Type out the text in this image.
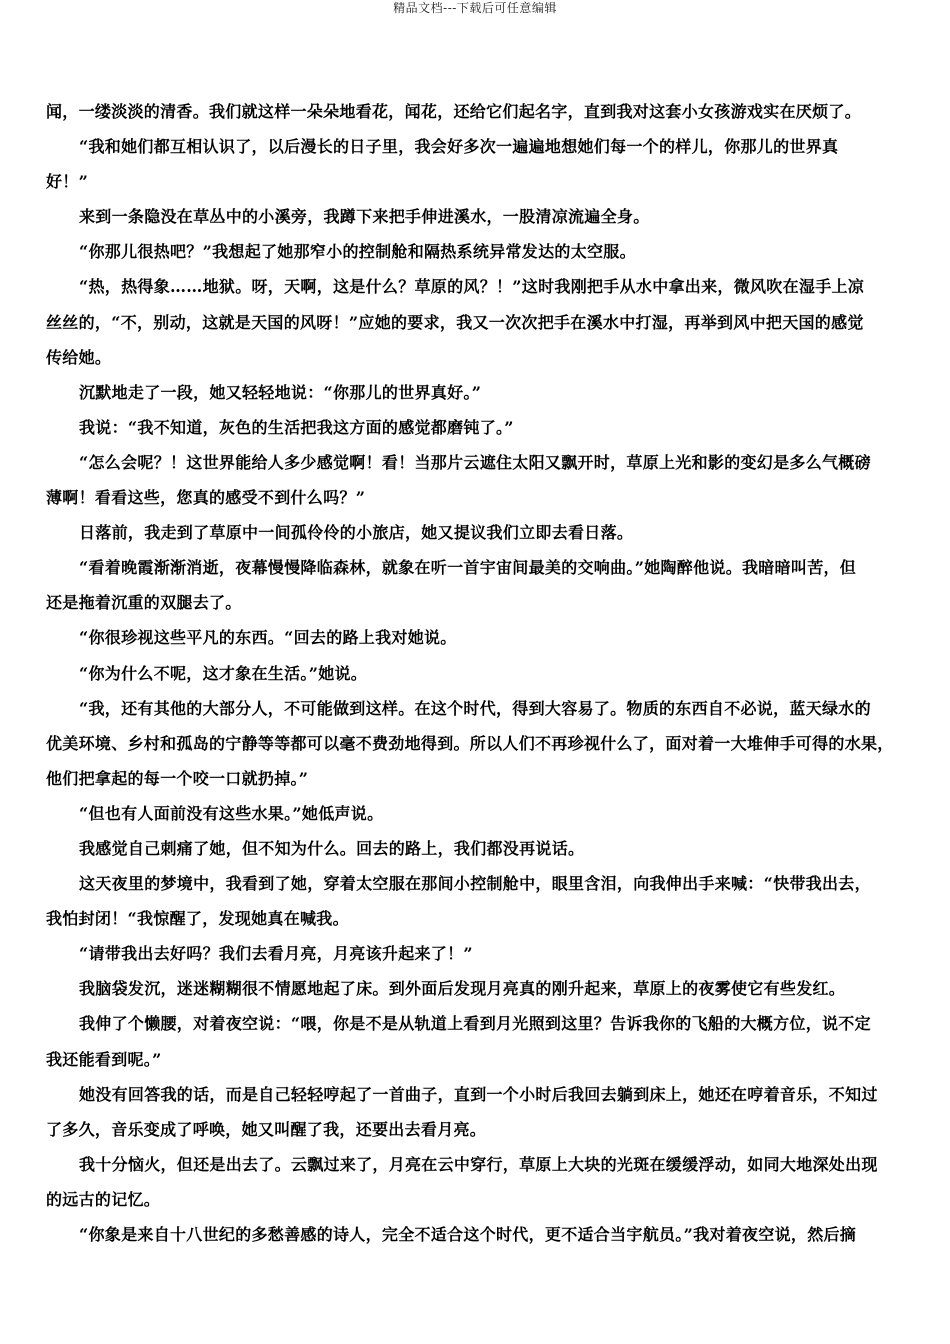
精品文档---下载后可任意编辑
闻，一缕淡淡的清香。我们就这样一朵朵地看花，闻花，还给它们起名字，直到我对这套小女孩游戏实在厌烦了。
“我和她们都互相认识了，以后漫长的日子里，我会好多次一遍遍地想她们每一个的样儿，你那儿的世界真
好！”
来到一条隐没在草丛中的小溪旁，我蹲下来把手伸进溪水，一股清凉流遍全身。
“你那儿很热吧？”我想起了她那窄小的控制舱和隔热系统异常发达的太空服。
“热，热得象……地狱。呀，天啊，这是什么？草原的风？！”这时我刚把手从水中拿出来，微风吹在湿手上凉
丝丝的，“不，别动，这就是天国的风呀！”应她的要求，我又一次次把手在溪水中打湿，再举到风中把天国的感觉
传给她。
沉默地走了一段，她又轻轻地说：“你那儿的世界真好。”
我说：“我不知道，灰色的生活把我这方面的感觉都磨钝了。”
“怎么会呢？！这世界能给人多少感觉啊！看！当那片云遮住太阳又飘开时，草原上光和影的变幻是多么气概磅
薄啊！看看这些，您真的感受不到什么吗？”
日落前，我走到了草原中一间孤伶伶的小旅店，她又提议我们立即去看日落。
“看着晚霞渐渐消逝，夜幕慢慢降临森林，就象在听一首宇宙间最美的交响曲。”她陶醉他说。我暗暗叫苦，但
还是拖着沉重的双腿去了。
“你很珍视这些平凡的东西。“回去的路上我对她说。
“你为什么不呢，这才象在生活。”她说。
“我，还有其他的大部分人，不可能做到这样。在这个时代，得到大容易了。物质的东西自不必说，蓝天绿水的
优美环境、乡村和孤岛的宁静等等都可以毫不费劲地得到。所以人们不再珍视什么了，面对着一大堆伸手可得的水果，
他们把拿起的每一个咬一口就扔掉。”
“但也有人面前没有这些水果。”她低声说。
我感觉自己刺痛了她，但不知为什么。回去的路上，我们都没再说话。
这天夜里的梦境中，我看到了她，穿着太空服在那间小控制舱中，眼里含泪，向我伸出手来喊：“快带我出去，
我怕封闭！“我惊醒了，发现她真在喊我。
“请带我出去好吗？我们去看月亮，月亮该升起来了！”
我脑袋发沉，迷迷糊糊很不情愿地起了床。到外面后发现月亮真的刚升起来，草原上的夜雾使它有些发红。
我伸了个懒腰，对着夜空说：“喂，你是不是从轨道上看到月光照到这里？告诉我你的飞船的大概方位，说不定
我还能看到呢。”
她没有回答我的话，而是自己轻轻哼起了一首曲子，直到一个小时后我回去躺到床上，她还在哼着音乐，不知过
了多久，音乐变成了呼唤，她又叫醒了我，还要出去看月亮。
我十分恼火，但还是出去了。云飘过来了，月亮在云中穿行，草原上大块的光斑在缓缓浮动，如同大地深处出现
的远古的记忆。
“你象是来自十八世纪的多愁善感的诗人，完全不适合这个时代，更不适合当宇航员。”我对着夜空说，然后摘
